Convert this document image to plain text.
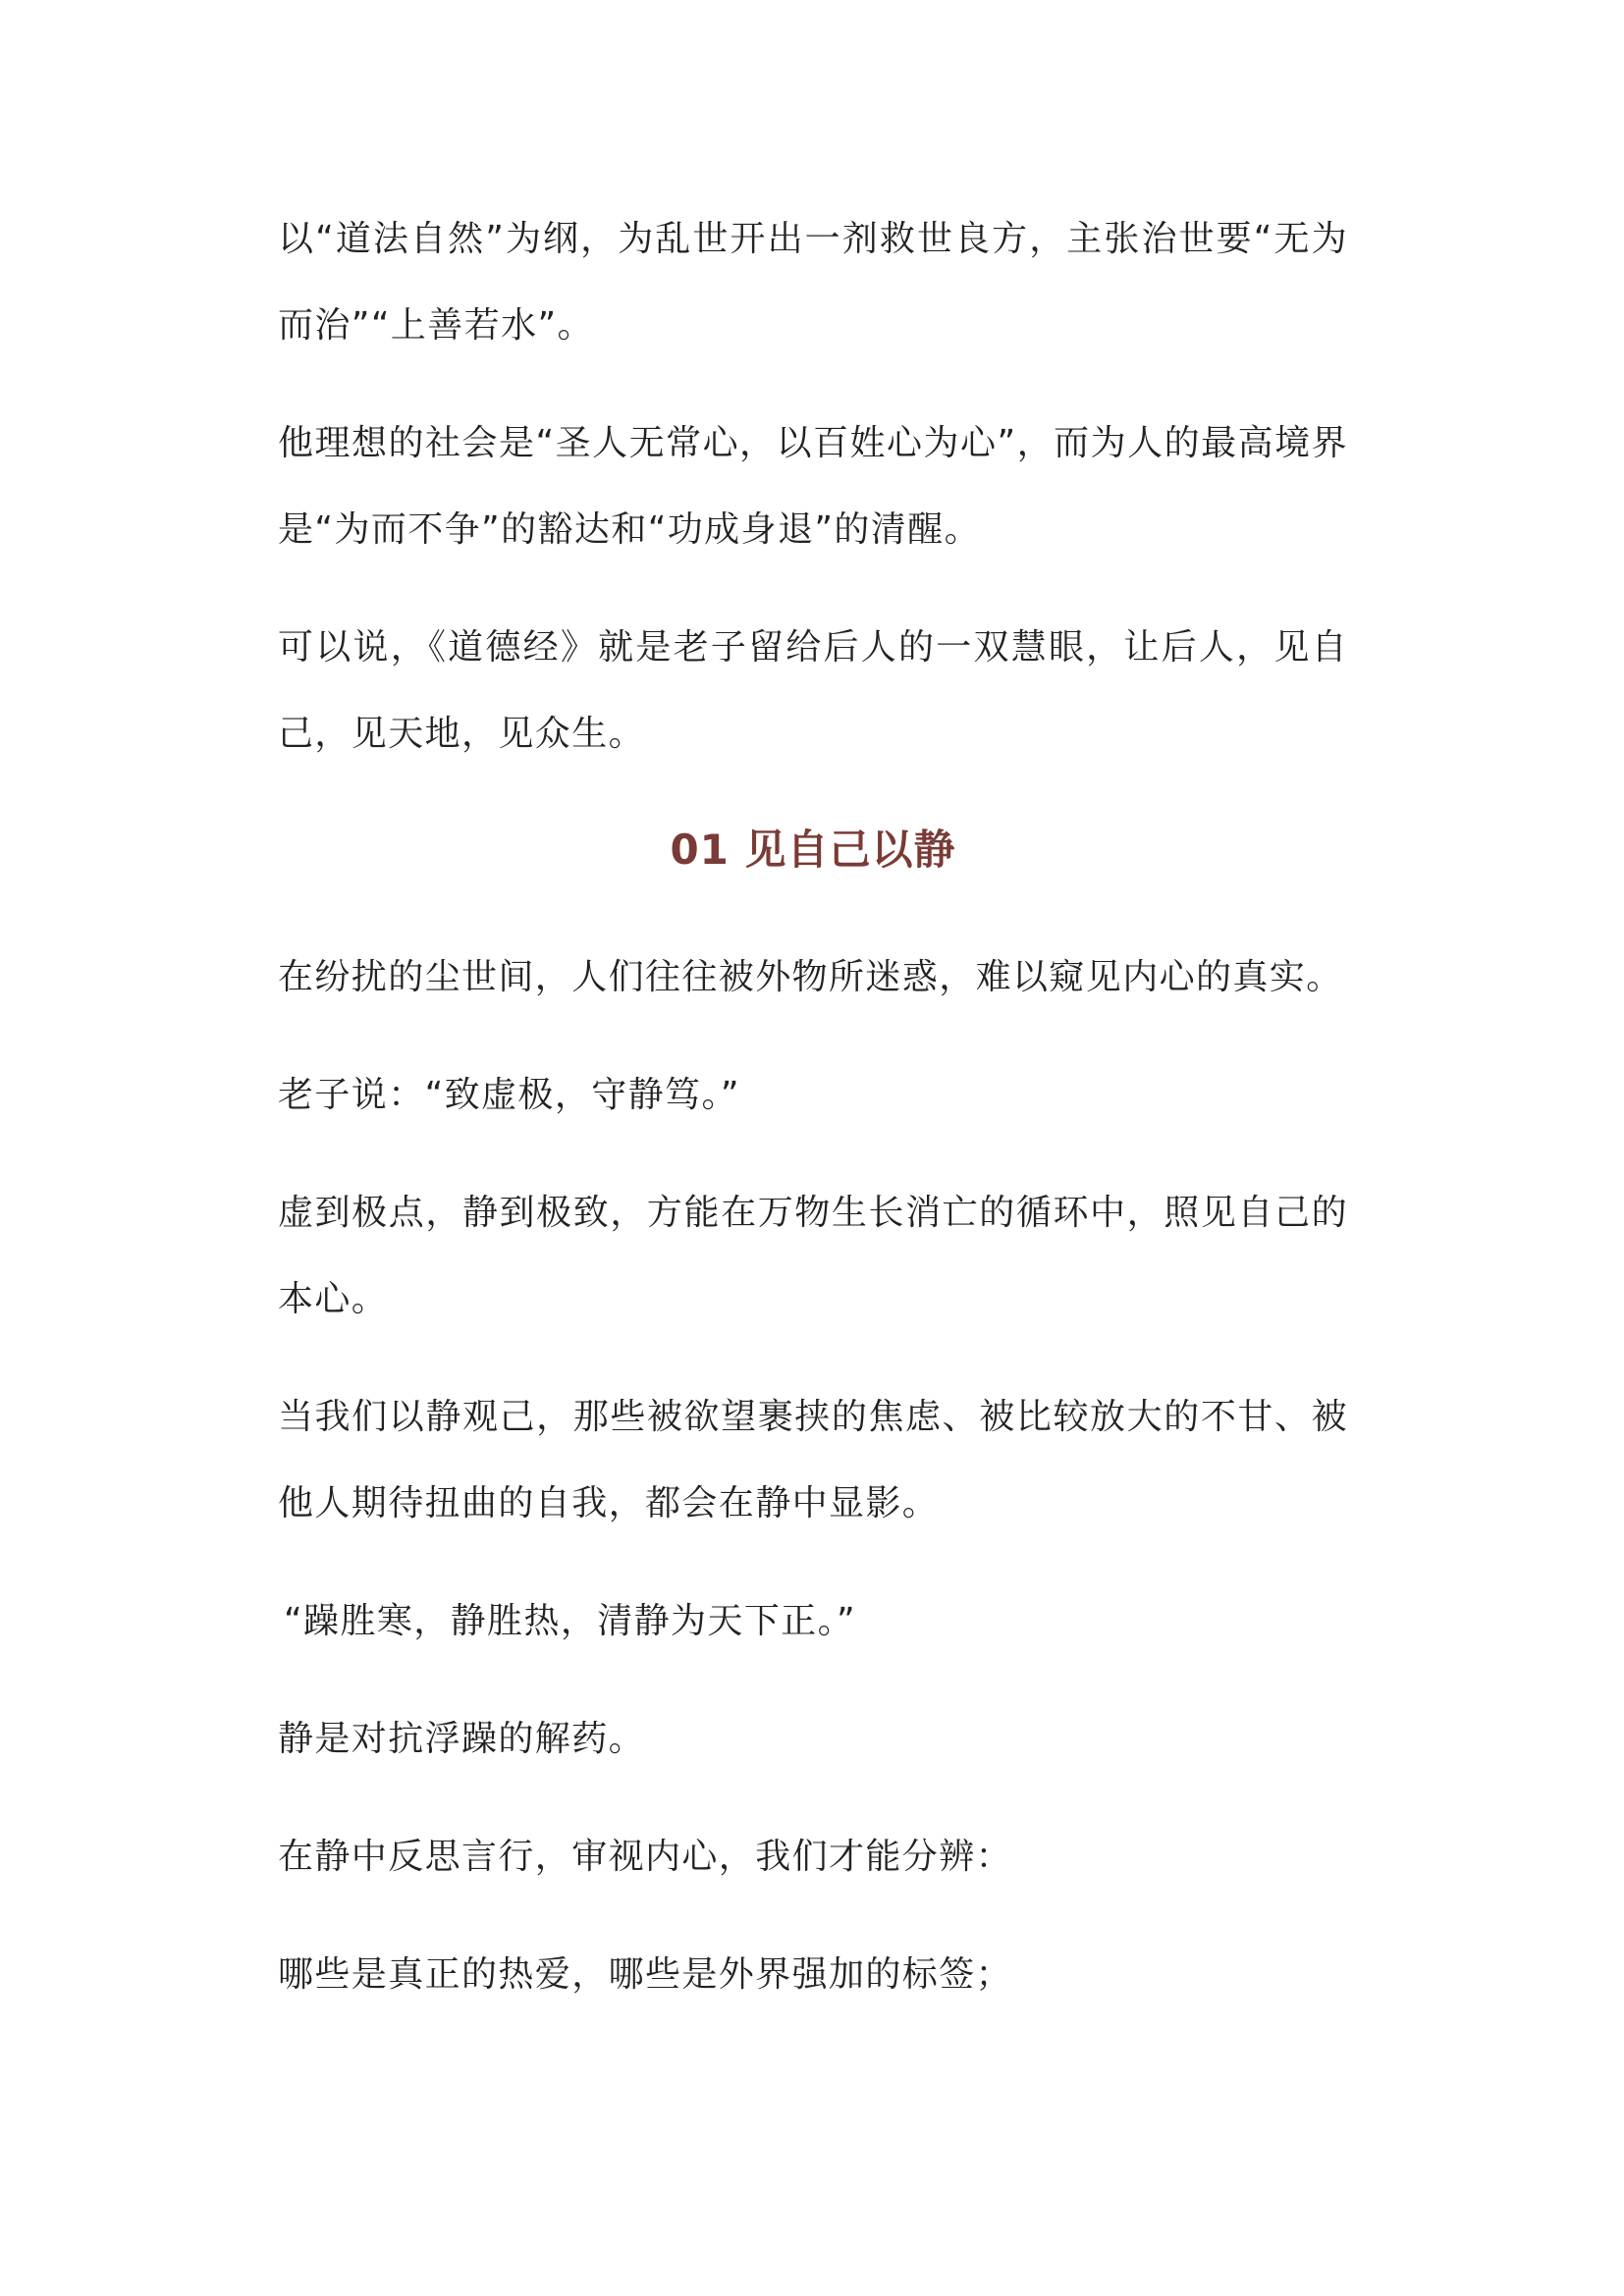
以“道法自然”为纲，为乱世开出一剂救世良方，主张治世要“无为而治”“上善若水”。

他理想的社会是“圣人无常心，以百姓心为心”，而为人的最高境界是“为而不争”的豁达和“功成身退”的清醒。

可以说，《道德经》就是老子留给后人的一双慧眼，让后人，见自己，见天地，见众生。

01 见自己以静

在纷扰的尘世间，人们往往被外物所迷惑，难以窥见内心的真实。

老子说：“致虚极，守静笃。”

虚到极点，静到极致，方能在万物生长消亡的循环中，照见自己的本心。

当我们以静观己，那些被欲望裹挟的焦虑、被比较放大的不甘、被他人期待扭曲的自我，都会在静中显影。

“躁胜寒，静胜热，清静为天下正。”

静是对抗浮躁的解药。

在静中反思言行，审视内心，我们才能分辨：

哪些是真正的热爱，哪些是外界强加的标签；
